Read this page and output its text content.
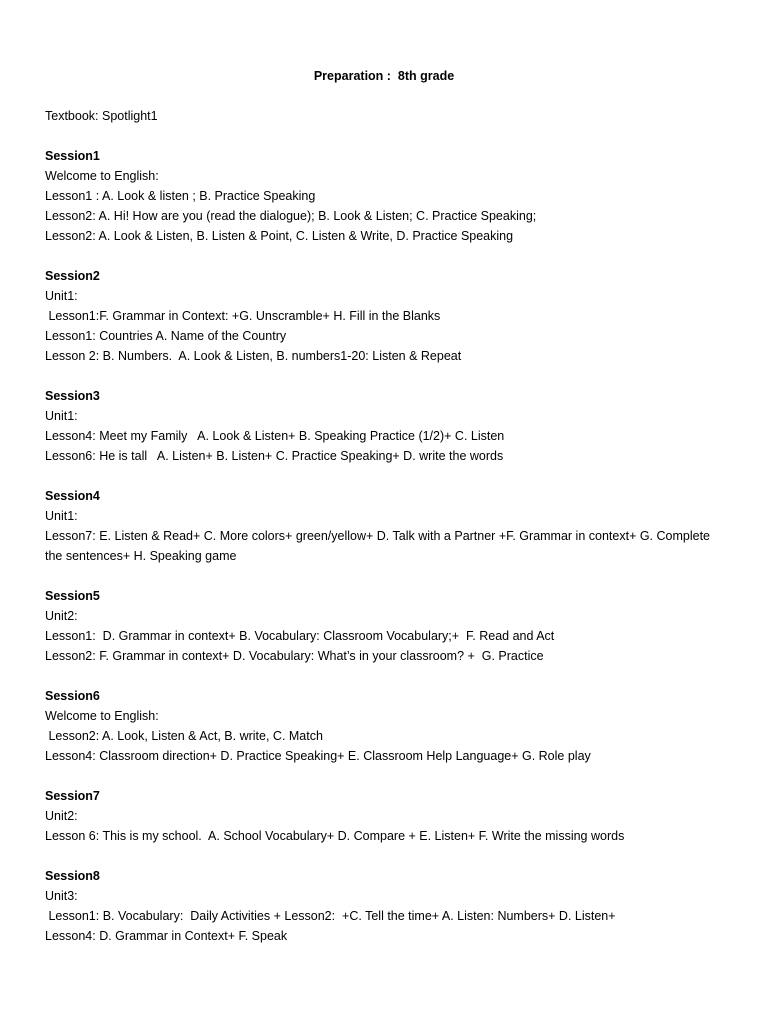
Preparation :  8th grade
Textbook: Spotlight1
Session1
Welcome to English:
Lesson1 : A. Look & listen ; B. Practice Speaking
Lesson2: A. Hi! How are you (read the dialogue); B. Look & Listen; C. Practice Speaking;
Lesson2: A. Look & Listen, B. Listen & Point, C. Listen & Write, D. Practice Speaking
Session2
Unit1:
Lesson1:F. Grammar in Context: +G. Unscramble+ H. Fill in the Blanks
Lesson1: Countries A. Name of the Country
Lesson 2: B. Numbers.  A. Look & Listen, B. numbers1-20: Listen & Repeat
Session3
Unit1:
Lesson4: Meet my Family   A. Look & Listen+ B. Speaking Practice (1/2)+ C. Listen
Lesson6: He is tall   A. Listen+ B. Listen+ C. Practice Speaking+ D. write the words
Session4
Unit1:
Lesson7: E. Listen & Read+ C. More colors+ green/yellow+ D. Talk with a Partner +F. Grammar in context+ G. Complete the sentences+ H. Speaking game
Session5
Unit2:
Lesson1:  D. Grammar in context+ B. Vocabulary: Classroom Vocabulary;+  F. Read and Act
Lesson2: F. Grammar in context+ D. Vocabulary: What’s in your classroom? +  G. Practice
Session6
Welcome to English:
Lesson2: A. Look, Listen & Act, B. write, C. Match
Lesson4: Classroom direction+ D. Practice Speaking+ E. Classroom Help Language+ G. Role play
Session7
Unit2:
Lesson 6: This is my school.  A. School Vocabulary+ D. Compare + E. Listen+ F. Write the missing words
Session8
Unit3:
Lesson1: B. Vocabulary:  Daily Activities + Lesson2:  +C. Tell the time+ A. Listen: Numbers+ D. Listen+
Lesson4: D. Grammar in Context+ F. Speak
